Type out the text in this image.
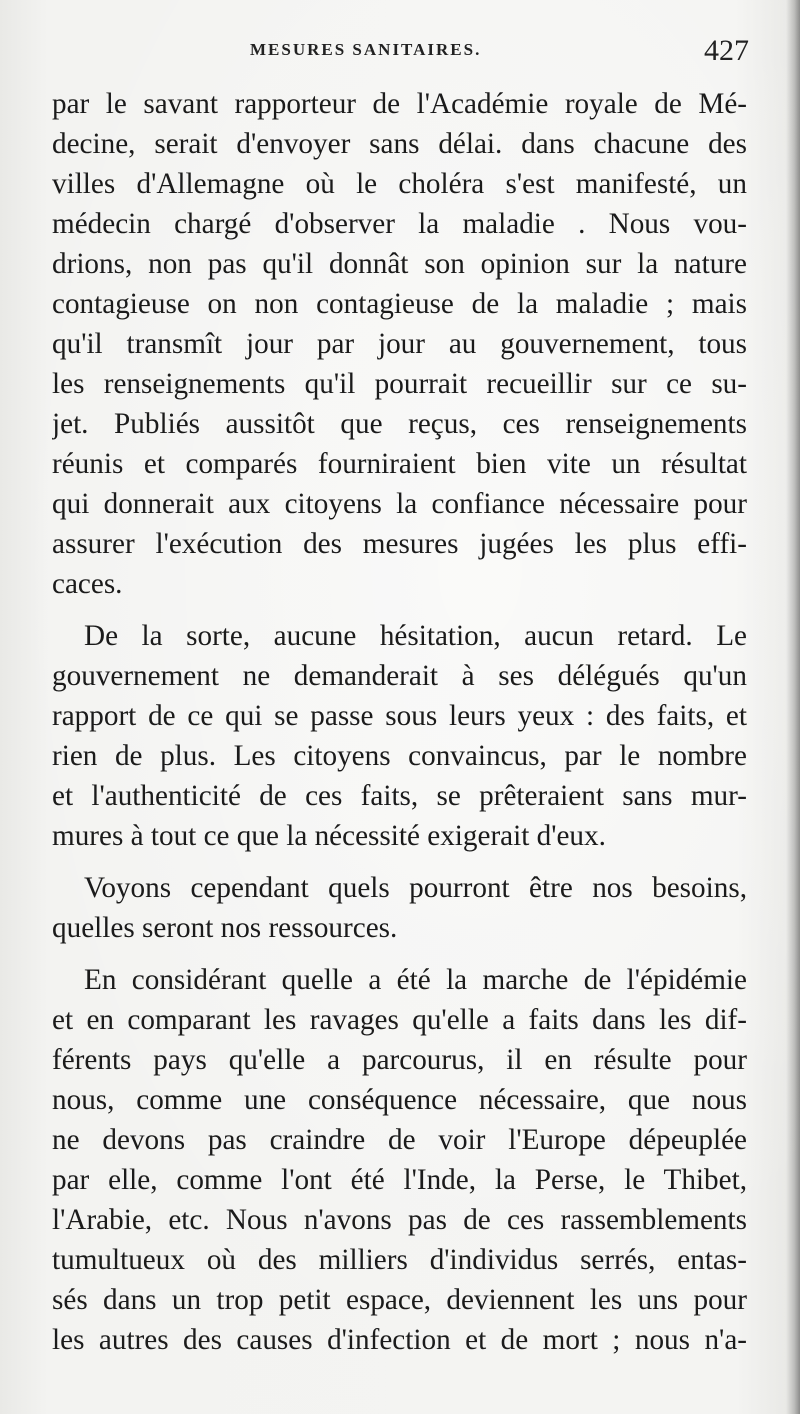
MESURES SANITAIRES.	427
par le savant rapporteur de l'Académie royale de Mé-
decine, serait d'envoyer sans délai. dans chacune des
villes d'Allemagne où le choléra s'est manifesté, un
médecin chargé d'observer la maladie . Nous vou-
drions, non pas qu'il donnât son opinion sur la nature
contagieuse on non contagieuse de la maladie ; mais
qu'il transmît jour par jour au gouvernement, tous
les renseignements qu'il pourrait recueillir sur ce su-
jet. Publiés aussitôt que reçus, ces renseignements
réunis et comparés fourniraient bien vite un résultat
qui donnerait aux citoyens la confiance nécessaire pour
assurer l'exécution des mesures jugées les plus effi-
caces.
De la sorte, aucune hésitation, aucun retard. Le
gouvernement ne demanderait à ses délégués qu'un
rapport de ce qui se passe sous leurs yeux : des faits, et
rien de plus. Les citoyens convaincus, par le nombre
et l'authenticité de ces faits, se prêteraient sans mur-
mures à tout ce que la nécessité exigerait d'eux.
Voyons cependant quels pourront être nos besoins,
quelles seront nos ressources.
En considérant quelle a été la marche de l'épidémie
et en comparant les ravages qu'elle a faits dans les dif-
férents pays qu'elle a parcourus, il en résulte pour
nous, comme une conséquence nécessaire, que nous
ne devons pas craindre de voir l'Europe dépeuplée
par elle, comme l'ont été l'Inde, la Perse, le Thibet,
l'Arabie, etc. Nous n'avons pas de ces rassemblements
tumultueux où des milliers d'individus serrés, entas-
sés dans un trop petit espace, deviennent les uns pour
les autres des causes d'infection et de mort ; nous n'a-
